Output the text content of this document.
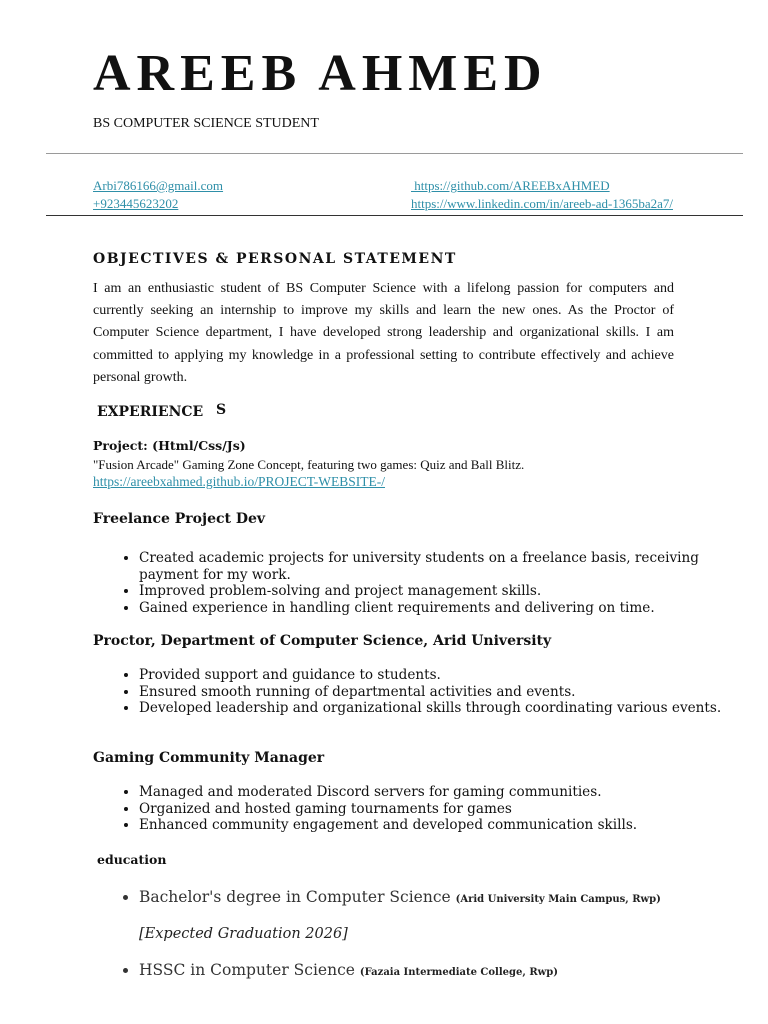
AREEB AHMED
BS COMPUTER SCIENCE STUDENT
Arbi786166@gmail.com
+923445623202
https://github.com/AREEBxAHMED
https://www.linkedin.com/in/areeb-ad-1365ba2a7/
OBJECTIVES & PERSONAL STATEMENT

I am an enthusiastic student of BS Computer Science with a lifelong passion for computers and currently seeking an internship to improve my skills and learn the new ones. As the Proctor of Computer Science department, I have developed strong leadership and organizational skills. I am committed to applying my knowledge in a professional setting to contribute effectively and achieve personal growth.

EXPERIENCE S
Project: (Html/Css/Js)
"Fusion Arcade" Gaming Zone Concept, featuring two games: Quiz and Ball Blitz.
https://areebxahmed.github.io/PROJECT-WEBSITE-/
Freelance Project Dev
• Created academic projects for university students on a freelance basis, receiving payment for my work.
• Improved problem-solving and project management skills.
• Gained experience in handling client requirements and delivering on time.
Proctor, Department of Computer Science, Arid University
• Provided support and guidance to students.
• Ensured smooth running of departmental activities and events.
• Developed leadership and organizational skills through coordinating various events.
Gaming Community Manager
• Managed and moderated Discord servers for gaming communities.
• Organized and hosted gaming tournaments for games
• Enhanced community engagement and developed communication skills.
education
• Bachelor's degree in Computer Science (Arid University Main Campus, Rwp)
[Expected Graduation 2026]
• HSSC in Computer Science (Fazaia Intermediate College, Rwp)
